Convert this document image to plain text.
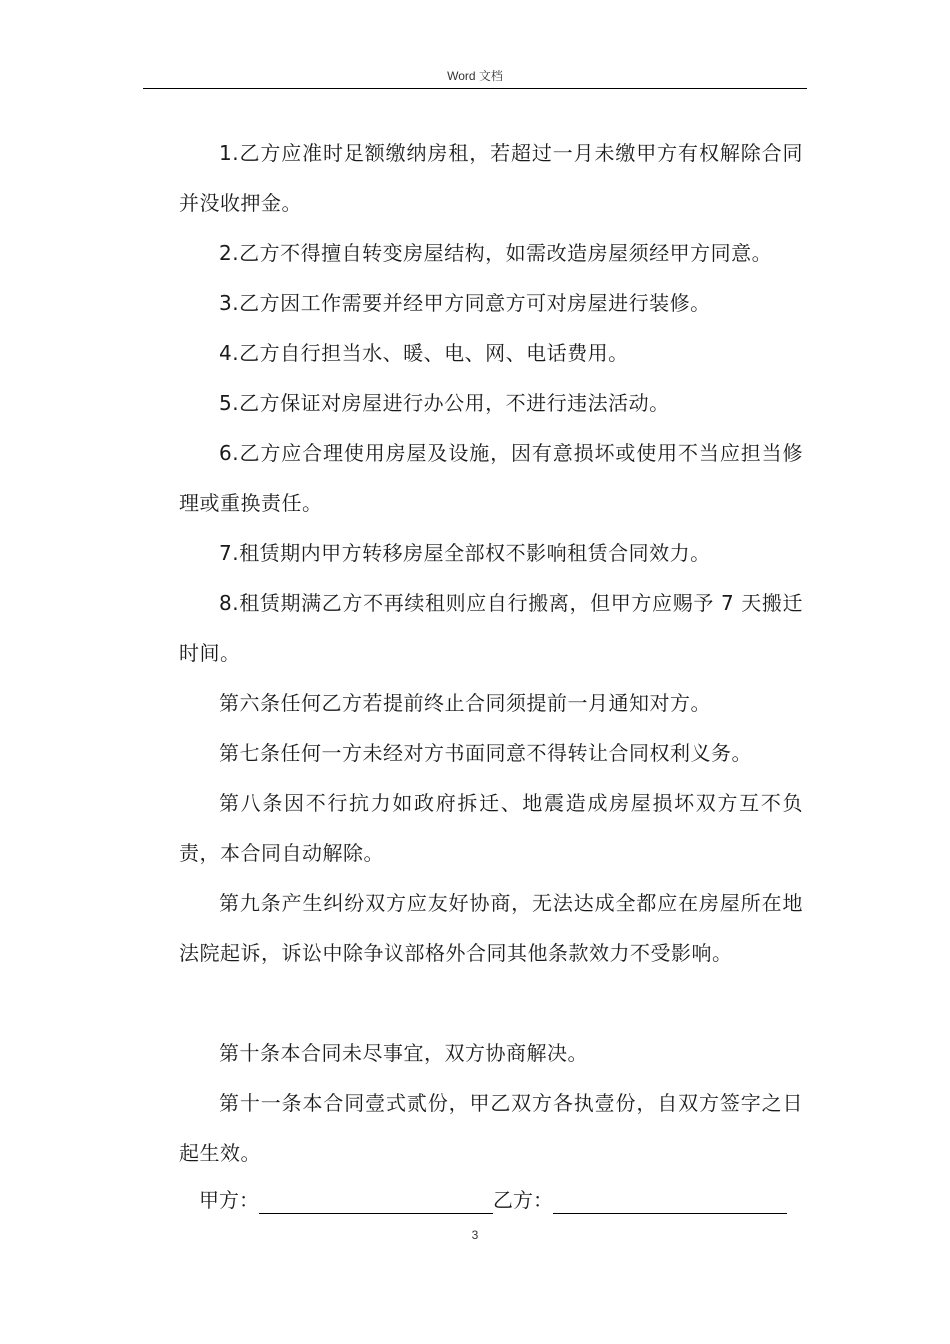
Word 文档

1.乙方应准时足额缴纳房租，若超过一月未缴甲方有权解除合同并没收押金。

2.乙方不得擅自转变房屋结构，如需改造房屋须经甲方同意。

3.乙方因工作需要并经甲方同意方可对房屋进行装修。

4.乙方自行担当水、暖、电、网、电话费用。

5.乙方保证对房屋进行办公用，不进行违法活动。

6.乙方应合理使用房屋及设施，因有意损坏或使用不当应担当修理或重换责任。

7.租赁期内甲方转移房屋全部权不影响租赁合同效力。

8.租赁期满乙方不再续租则应自行搬离，但甲方应赐予 7 天搬迁时间。

第六条任何乙方若提前终止合同须提前一月通知对方。

第七条任何一方未经对方书面同意不得转让合同权利义务。

第八条因不行抗力如政府拆迁、地震造成房屋损坏双方互不负责，本合同自动解除。

第九条产生纠纷双方应友好协商，无法达成全都应在房屋所在地法院起诉，诉讼中除争议部格外合同其他条款效力不受影响。

第十条本合同未尽事宜，双方协商解决。

第十一条本合同壹式贰份，甲乙双方各执壹份，自双方签字之日起生效。

甲方：	乙方：
3
